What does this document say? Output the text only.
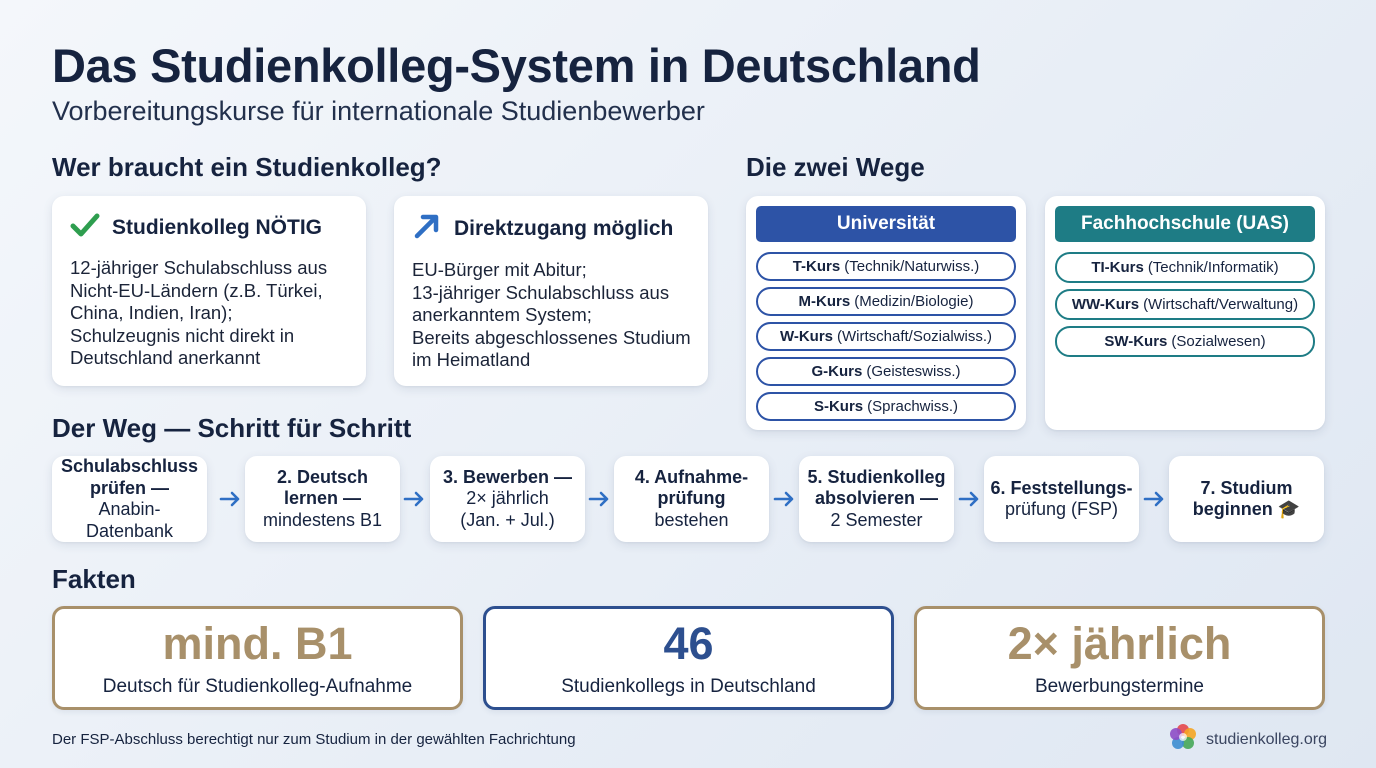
Das Studienkolleg-System in Deutschland
Vorbereitungskurse für internationale Studienbewerber
Wer braucht ein Studienkolleg?
Studienkolleg NÖTIG
12-jähriger Schulabschluss aus
Nicht-EU-Ländern (z.B. Türkei,
China, Indien, Iran);
Schulzeugnis nicht direkt in
Deutschland anerkannt
Direktzugang möglich
EU-Bürger mit Abitur;
13-jähriger Schulabschluss aus
anerkanntem System;
Bereits abgeschlossenes Studium
im Heimatland
Die zwei Wege
Universität
T-Kurs (Technik/Naturwiss.)
M-Kurs (Medizin/Biologie)
W-Kurs (Wirtschaft/Sozialwiss.)
G-Kurs (Geisteswiss.)
S-Kurs (Sprachwiss.)
Fachhochschule (UAS)
TI-Kurs (Technik/Informatik)
WW-Kurs (Wirtschaft/Verwaltung)
SW-Kurs (Sozialwesen)
Der Weg — Schritt für Schritt
Schulabschluss
prüfen —
Anabin-Datenbank
2. Deutsch
lernen —
mindestens B1
3. Bewerben —
2× jährlich
(Jan. + Jul.)
4. Aufnahme-
prüfung
bestehen
5. Studienkolleg
absolvieren —
2 Semester
6. Feststellungs-
prüfung (FSP)
7. Studium
beginnen 🎓
Fakten
mind. B1
Deutsch für Studienkolleg-Aufnahme
46
Studienkollegs in Deutschland
2× jährlich
Bewerbungstermine
Der FSP-Abschluss berechtigt nur zum Studium in der gewählten Fachrichtung	studienkolleg.org
